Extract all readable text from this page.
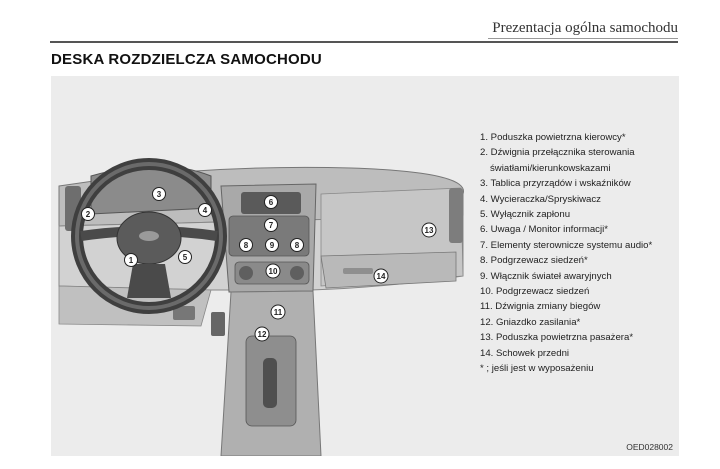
Prezentacja ogólna samochodu
DESKA ROZDZIELCZA SAMOCHODU
1
2
3
4
5
6
7
8	8
9
10
11
12
13
14
1. Poduszka powietrzna kierowcy*
2. Dźwignia przełącznika sterowania światłami/kierunkowskazami
3. Tablica przyrządów i wskaźników
4. Wycieraczka/Spryskiwacz
5. Wyłącznik zapłonu
6. Uwaga / Monitor informacji*
7. Elementy sterownicze systemu audio*
8. Podgrzewacz siedzeń*
9. Włącznik świateł awaryjnych
10. Podgrzewacz siedzeń
11. Dźwignia zmiany biegów
12. Gniazdko zasilania*
13. Poduszka powietrzna pasażera*
14. Schowek przedni
* ; jeśli jest w wyposażeniu
OED028002
